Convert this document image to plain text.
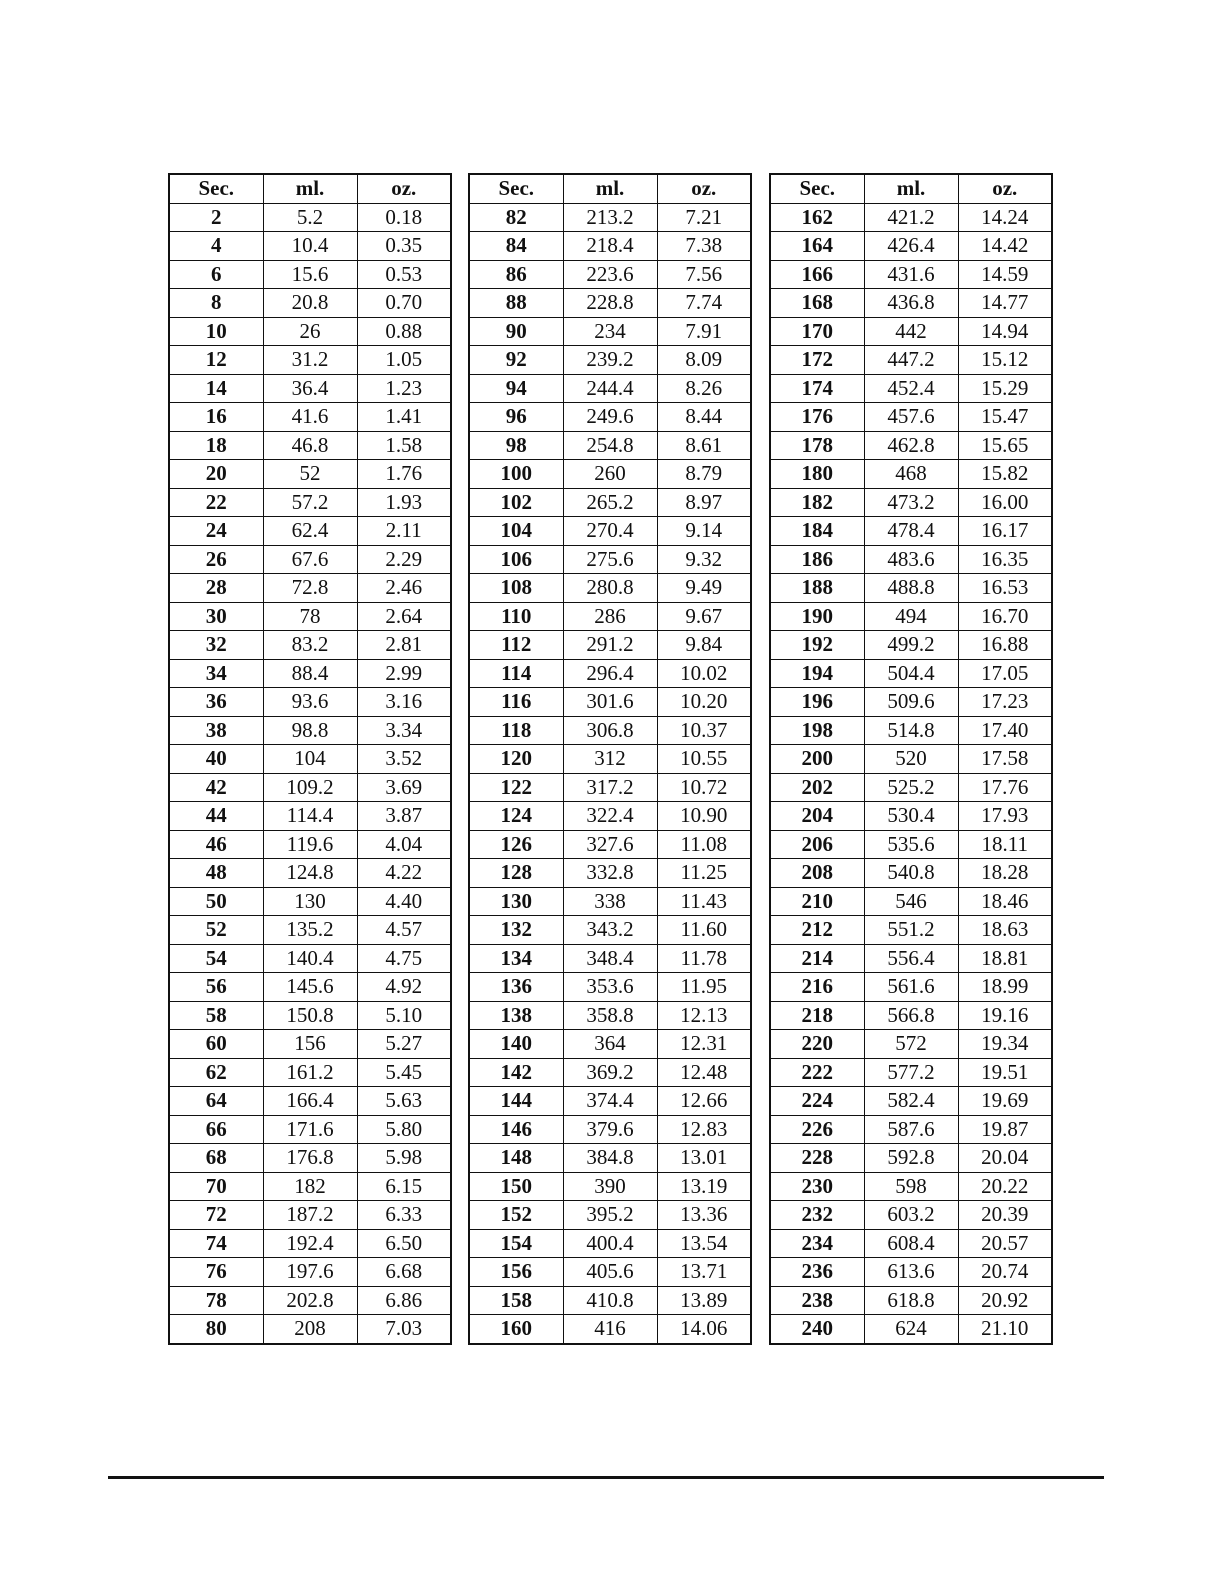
Sec.	ml.	oz.
2	5.2	0.18
4	10.4	0.35
6	15.6	0.53
8	20.8	0.70
10	26	0.88
12	31.2	1.05
14	36.4	1.23
16	41.6	1.41
18	46.8	1.58
20	52	1.76
22	57.2	1.93
24	62.4	2.11
26	67.6	2.29
28	72.8	2.46
30	78	2.64
32	83.2	2.81
34	88.4	2.99
36	93.6	3.16
38	98.8	3.34
40	104	3.52
42	109.2	3.69
44	114.4	3.87
46	119.6	4.04
48	124.8	4.22
50	130	4.40
52	135.2	4.57
54	140.4	4.75
56	145.6	4.92
58	150.8	5.10
60	156	5.27
62	161.2	5.45
64	166.4	5.63
66	171.6	5.80
68	176.8	5.98
70	182	6.15
72	187.2	6.33
74	192.4	6.50
76	197.6	6.68
78	202.8	6.86
80	208	7.03
Sec.	ml.	oz.
82	213.2	7.21
84	218.4	7.38
86	223.6	7.56
88	228.8	7.74
90	234	7.91
92	239.2	8.09
94	244.4	8.26
96	249.6	8.44
98	254.8	8.61
100	260	8.79
102	265.2	8.97
104	270.4	9.14
106	275.6	9.32
108	280.8	9.49
110	286	9.67
112	291.2	9.84
114	296.4	10.02
116	301.6	10.20
118	306.8	10.37
120	312	10.55
122	317.2	10.72
124	322.4	10.90
126	327.6	11.08
128	332.8	11.25
130	338	11.43
132	343.2	11.60
134	348.4	11.78
136	353.6	11.95
138	358.8	12.13
140	364	12.31
142	369.2	12.48
144	374.4	12.66
146	379.6	12.83
148	384.8	13.01
150	390	13.19
152	395.2	13.36
154	400.4	13.54
156	405.6	13.71
158	410.8	13.89
160	416	14.06
Sec.	ml.	oz.
162	421.2	14.24
164	426.4	14.42
166	431.6	14.59
168	436.8	14.77
170	442	14.94
172	447.2	15.12
174	452.4	15.29
176	457.6	15.47
178	462.8	15.65
180	468	15.82
182	473.2	16.00
184	478.4	16.17
186	483.6	16.35
188	488.8	16.53
190	494	16.70
192	499.2	16.88
194	504.4	17.05
196	509.6	17.23
198	514.8	17.40
200	520	17.58
202	525.2	17.76
204	530.4	17.93
206	535.6	18.11
208	540.8	18.28
210	546	18.46
212	551.2	18.63
214	556.4	18.81
216	561.6	18.99
218	566.8	19.16
220	572	19.34
222	577.2	19.51
224	582.4	19.69
226	587.6	19.87
228	592.8	20.04
230	598	20.22
232	603.2	20.39
234	608.4	20.57
236	613.6	20.74
238	618.8	20.92
240	624	21.10
